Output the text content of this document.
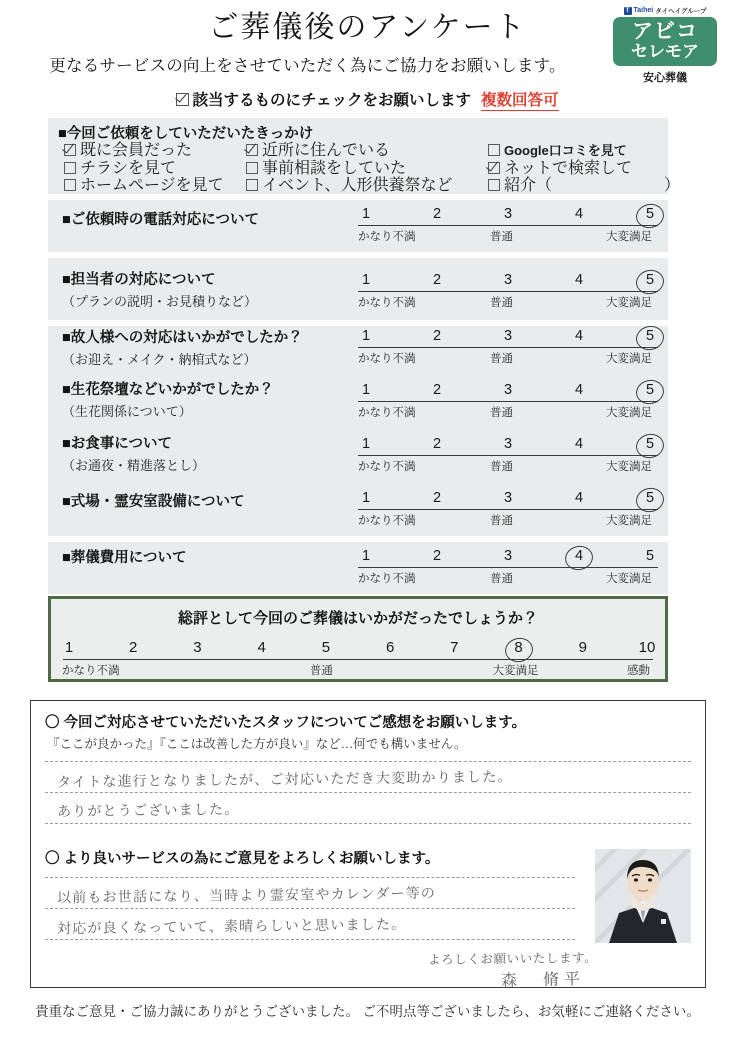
ご葬儀後のアンケート
更なるサービスの向上をさせていただく為にご協力をお願いします。
該当するものにチェックをお願いします 複数回答可
T Taihei タイヘイグループ
アビコ
セレモア
安心葬儀
■今回ご依頼をしていただいたきっかけ
既に会員だった
チラシを見て
ホームページを見て
近所に住んでいる
事前相談をしていた
イベント、人形供養祭など
Google口コミを見て
ネットで検索して
紹介（　　　　　　　）
■ご依頼時の電話対応について	1	2	3	4	5
かなり不満	普通	大変満足
■担当者の対応について
（プランの説明・お見積りなど）
1	2	3	4	5
かなり不満	普通	大変満足
■故人様への対応はいかがでしたか？
（お迎え・メイク・納棺式など）
1	2	3	4	5
かなり不満	普通	大変満足
■生花祭壇などいかがでしたか？
（生花関係について）
1	2	3	4	5
かなり不満	普通	大変満足
■お食事について
（お通夜・精進落とし）
1	2	3	4	5
かなり不満	普通	大変満足
■式場・霊安室設備について	1	2	3	4	5
かなり不満	普通	大変満足
■葬儀費用について	1	2	3	4	5
かなり不満	普通	大変満足
総評として今回のご葬儀はいかがだったでしょうか？
1	2	3	4	5	6	7	8	9	10
かなり不満	普通	大変満足	感動
〇 今回ご対応させていただいたスタッフについてご感想をお願いします。
『ここが良かった』『ここは改善した方が良い』など…何でも構いません。
タイトな進行となりましたが、ご対応いただき大変助かりました。
ありがとうございました。
〇 より良いサービスの為にご意見をよろしくお願いします。
以前もお世話になり、当時より霊安室やカレンダー等の
対応が良くなっていて、素晴らしいと思いました。
よろしくお願いいたします。
森　脩平
貴重なご意見・ご協力誠にありがとうございました。 ご不明点等ございましたら、お気軽にご連絡ください。
